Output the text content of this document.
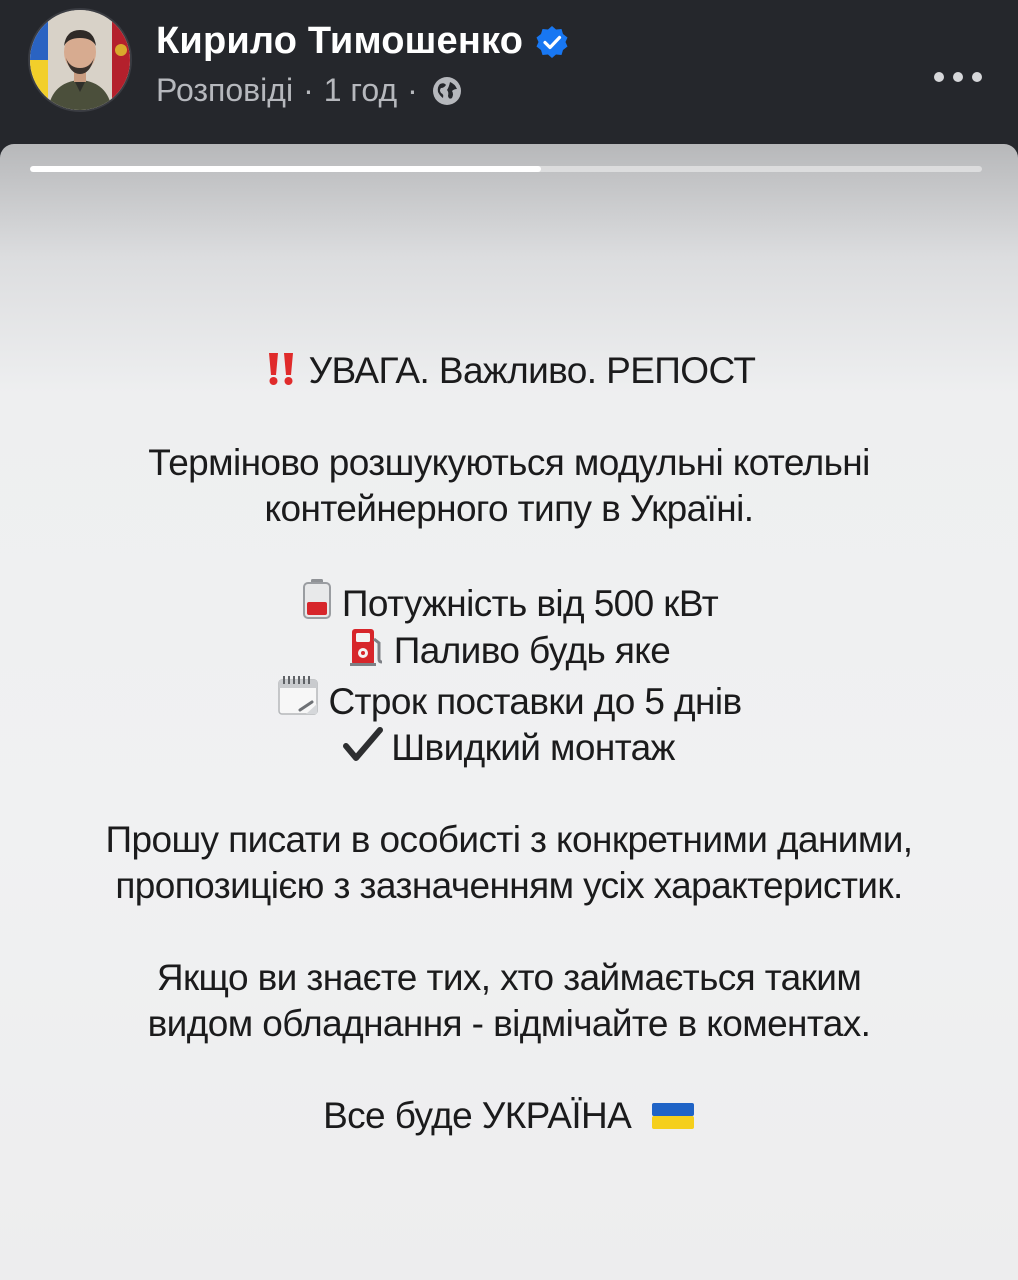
Кирило Тимошенко
Розповіді · 1 год ·

УВАГА. Важливо. РЕПОСТ

Терміново розшукуються модульні котельні

контейнерного типу в Україні.

Потужність від 500 кВт

Паливо будь яке

Строк поставки до 5 днів

Швидкий монтаж

Прошу писати в особисті з конкретними даними,

пропозицією з зазначенням усіх характеристик.

Якщо ви знаєте тих, хто займається таким

видом обладнання - відмічайте в коментах.

Все буде УКРАЇНА
